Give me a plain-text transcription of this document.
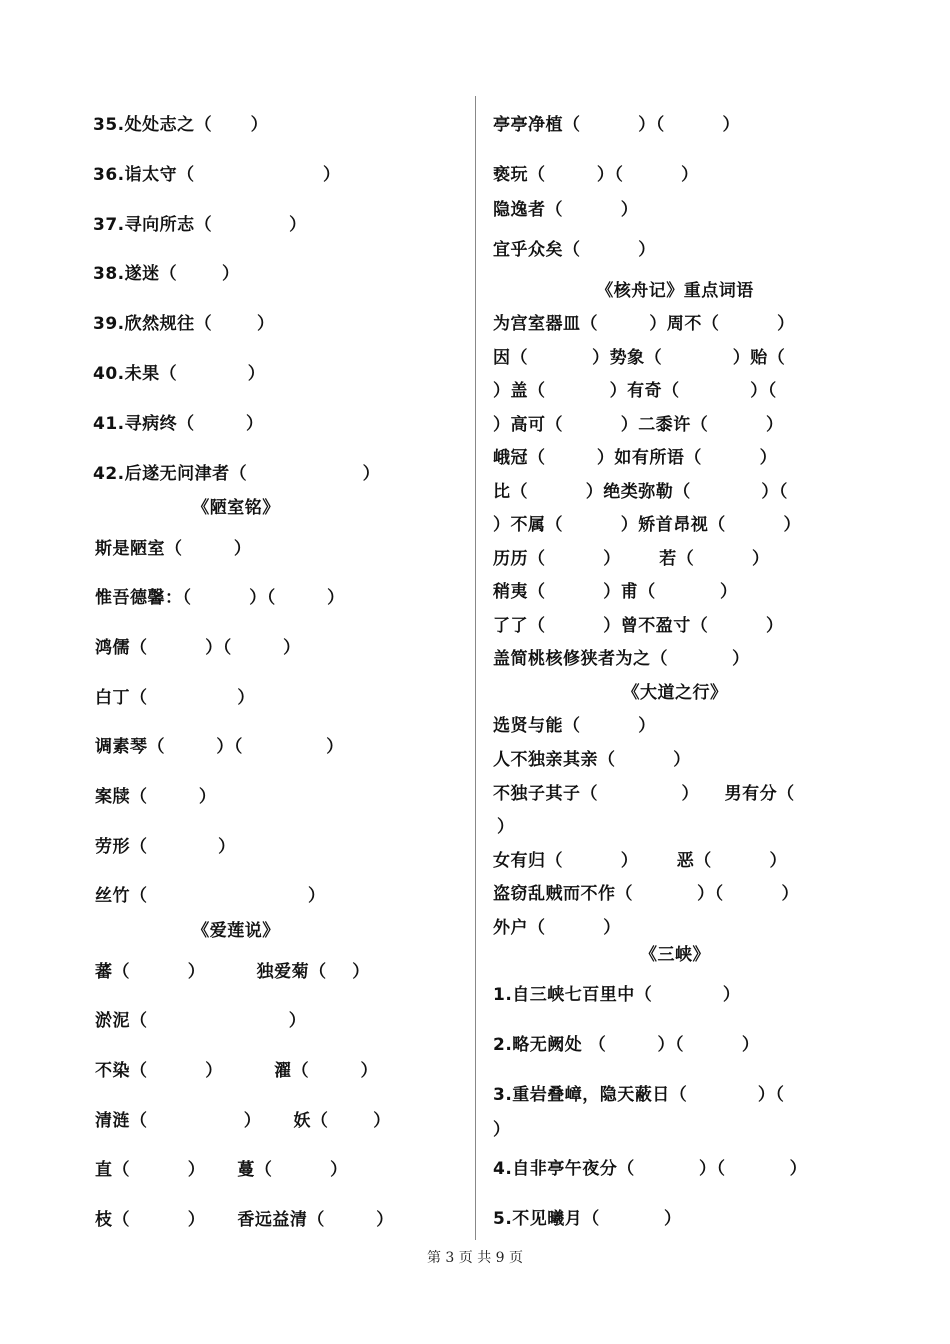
35.处处志之（      ）
36.诣太守（                    ）
37.寻向所志（            ）
38.遂迷（       ）
39.欣然规往（       ）
40.未果（           ）
41.寻病终（        ）
42.后遂无问津者（                  ）
《陋室铭》
斯是陋室（        ）
惟吾德馨：（         ）（        ）
鸿儒（         ）（        ）
白丁（              ）
调素琴（        ）（             ）
案牍（        ）
劳形（           ）
丝竹（                         ）
《爱莲说》
蕃（         ）        独爱菊（    ）
淤泥（                      ）
不染（         ）        濯（        ）
清涟（               ）     妖（       ）
直（         ）     蔓（         ）
枝（         ）     香远益清（        ）
亭亭净植（         ）（         ）
亵玩（        ）（         ）
隐逸者（         ）
宜乎众矣（         ）
《核舟记》重点词语
为宫室器皿（        ）周不（         ）
因（          ）势象（           ）贻（
）盖（          ）有奇（           ）（
）高可（         ）二黍许（         ）
峨冠（        ）如有所语（         ）
比（         ）绝类弥勒（           ）（
）不属（         ）矫首昂视（         ）
历历（         ）      若（         ）
稍夷（         ）甫（          ）
了了（         ）曾不盈寸（         ）
盖简桃核修狭者为之（          ）
《大道之行》
选贤与能（         ）
人不独亲其亲（         ）
不独子其子（             ）    男有分（
）
女有归（         ）      恶（         ）
盗窃乱贼而不作（          ）（         ）
外户（         ）
《三峡》
1.自三峡七百里中（           ）
2.略无阙处 （        ）（         ）
3.重岩叠嶂，隐天蔽日（           ）（
）
4.自非亭午夜分（          ）（          ）
5.不见曦月（          ）
第 3 页 共 9 页
